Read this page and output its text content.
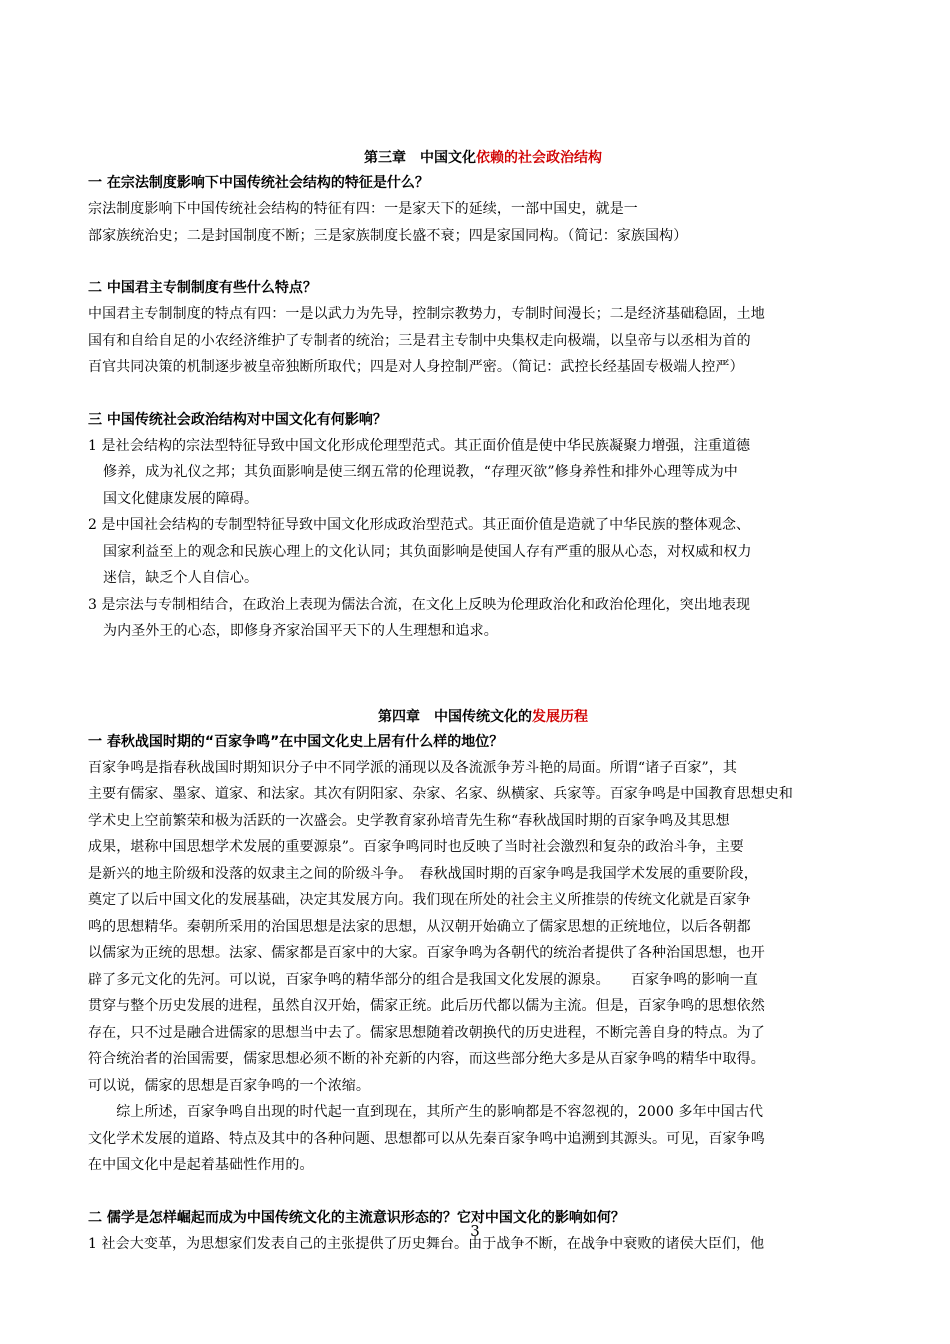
第三章　中国文化依赖的社会政治结构
一 在宗法制度影响下中国传统社会结构的特征是什么？
宗法制度影响下中国传统社会结构的特征有四：一是家天下的延续，一部中国史，就是一
部家族统治史；二是封国制度不断；三是家族制度长盛不衰；四是家国同构。（简记：家族国构）
二 中国君主专制制度有些什么特点？
中国君主专制制度的特点有四：一是以武力为先导，控制宗教势力，专制时间漫长；二是经济基础稳固，土地
国有和自给自足的小农经济维护了专制者的统治；三是君主专制中央集权走向极端，以皇帝与以丞相为首的
百官共同决策的机制逐步被皇帝独断所取代；四是对人身控制严密。（简记：武控长经基固专极端人控严）
三 中国传统社会政治结构对中国文化有何影响？
1 是社会结构的宗法型特征导致中国文化形成伦理型范式。其正面价值是使中华民族凝聚力增强，注重道德
修养，成为礼仪之邦；其负面影响是使三纲五常的伦理说教，“存理灭欲”修身养性和排外心理等成为中
国文化健康发展的障碍。
2 是中国社会结构的专制型特征导致中国文化形成政治型范式。其正面价值是造就了中华民族的整体观念、
国家利益至上的观念和民族心理上的文化认同；其负面影响是使国人存有严重的服从心态，对权威和权力
迷信，缺乏个人自信心。
3 是宗法与专制相结合，在政治上表现为儒法合流，在文化上反映为伦理政治化和政治伦理化，突出地表现
为内圣外王的心态，即修身齐家治国平天下的人生理想和追求。
第四章　中国传统文化的发展历程
一 春秋战国时期的“百家争鸣”在中国文化史上居有什么样的地位？
百家争鸣是指春秋战国时期知识分子中不同学派的涌现以及各流派争芳斗艳的局面。所谓“诸子百家”，其
主要有儒家、墨家、道家、和法家。其次有阴阳家、杂家、名家、纵横家、兵家等。百家争鸣是中国教育思想史和
学术史上空前繁荣和极为活跃的一次盛会。史学教育家孙培青先生称“春秋战国时期的百家争鸣及其思想
成果，堪称中国思想学术发展的重要源泉”。百家争鸣同时也反映了当时社会激烈和复杂的政治斗争，主要
是新兴的地主阶级和没落的奴隶主之间的阶级斗争。　春秋战国时期的百家争鸣是我国学术发展的重要阶段，
奠定了以后中国文化的发展基础，决定其发展方向。我们现在所处的社会主义所推崇的传统文化就是百家争
鸣的思想精华。秦朝所采用的治国思想是法家的思想，从汉朝开始确立了儒家思想的正统地位，以后各朝都
以儒家为正统的思想。法家、儒家都是百家中的大家。百家争鸣为各朝代的统治者提供了各种治国思想，也开
辟了多元文化的先河。可以说，百家争鸣的精华部分的组合是我国文化发展的源泉。　　百家争鸣的影响一直
贯穿与整个历史发展的进程，虽然自汉开始，儒家正统。此后历代都以儒为主流。但是，百家争鸣的思想依然
存在，只不过是融合进儒家的思想当中去了。儒家思想随着改朝换代的历史进程，不断完善自身的特点。为了
符合统治者的治国需要，儒家思想必须不断的补充新的内容，而这些部分绝大多是从百家争鸣的精华中取得。
可以说，儒家的思想是百家争鸣的一个浓缩。
　　综上所述，百家争鸣自出现的时代起一直到现在，其所产生的影响都是不容忽视的，2000 多年中国古代
文化学术发展的道路、特点及其中的各种问题、思想都可以从先秦百家争鸣中追溯到其源头。可见，百家争鸣
在中国文化中是起着基础性作用的。
二 儒学是怎样崛起而成为中国传统文化的主流意识形态的？它对中国文化的影响如何？
1 社会大变革，为思想家们发表自己的主张提供了历史舞台。由于战争不断，在战争中衰败的诸侯大臣们，他
3
